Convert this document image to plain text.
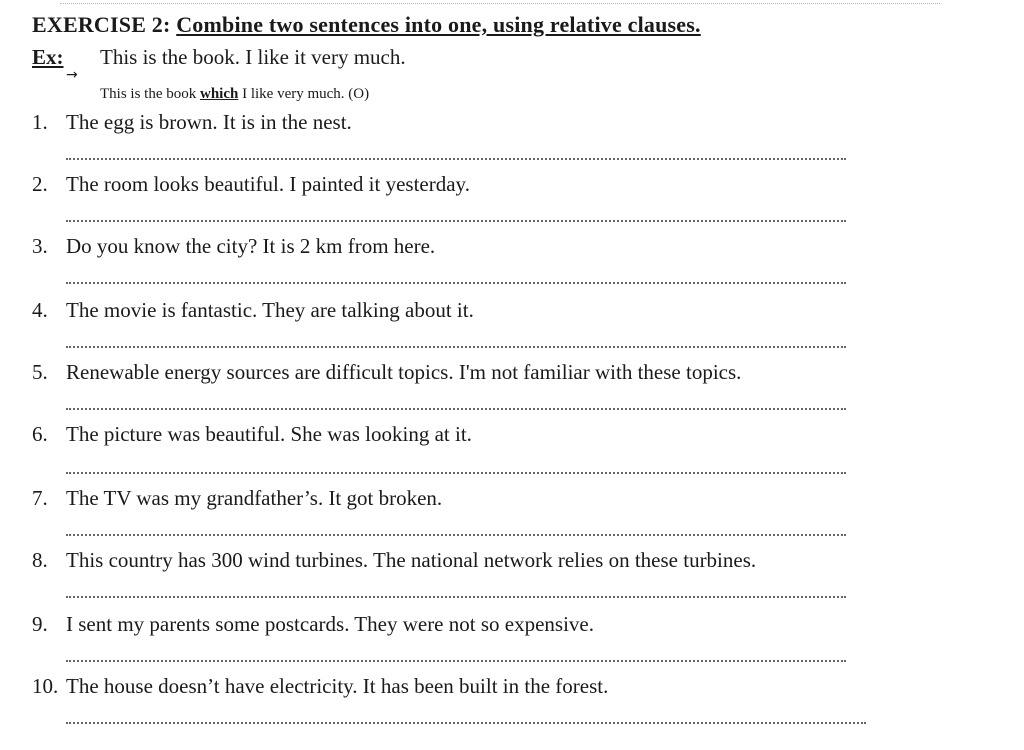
EXERCISE 2: Combine two sentences into one, using relative clauses.
Ex: This is the book. I like it very much.
→
This is the book which I like very much. (O)
1. The egg is brown. It is in the nest.
2. The room looks beautiful. I painted it yesterday.
3. Do you know the city? It is 2 km from here.
4. The movie is fantastic. They are talking about it.
5. Renewable energy sources are difficult topics. I'm not familiar with these topics.
6. The picture was beautiful. She was looking at it.
7. The TV was my grandfather’s. It got broken.
8. This country has 300 wind turbines. The national network relies on these turbines.
9. I sent my parents some postcards. They were not so expensive.
10. The house doesn’t have electricity. It has been built in the forest.
